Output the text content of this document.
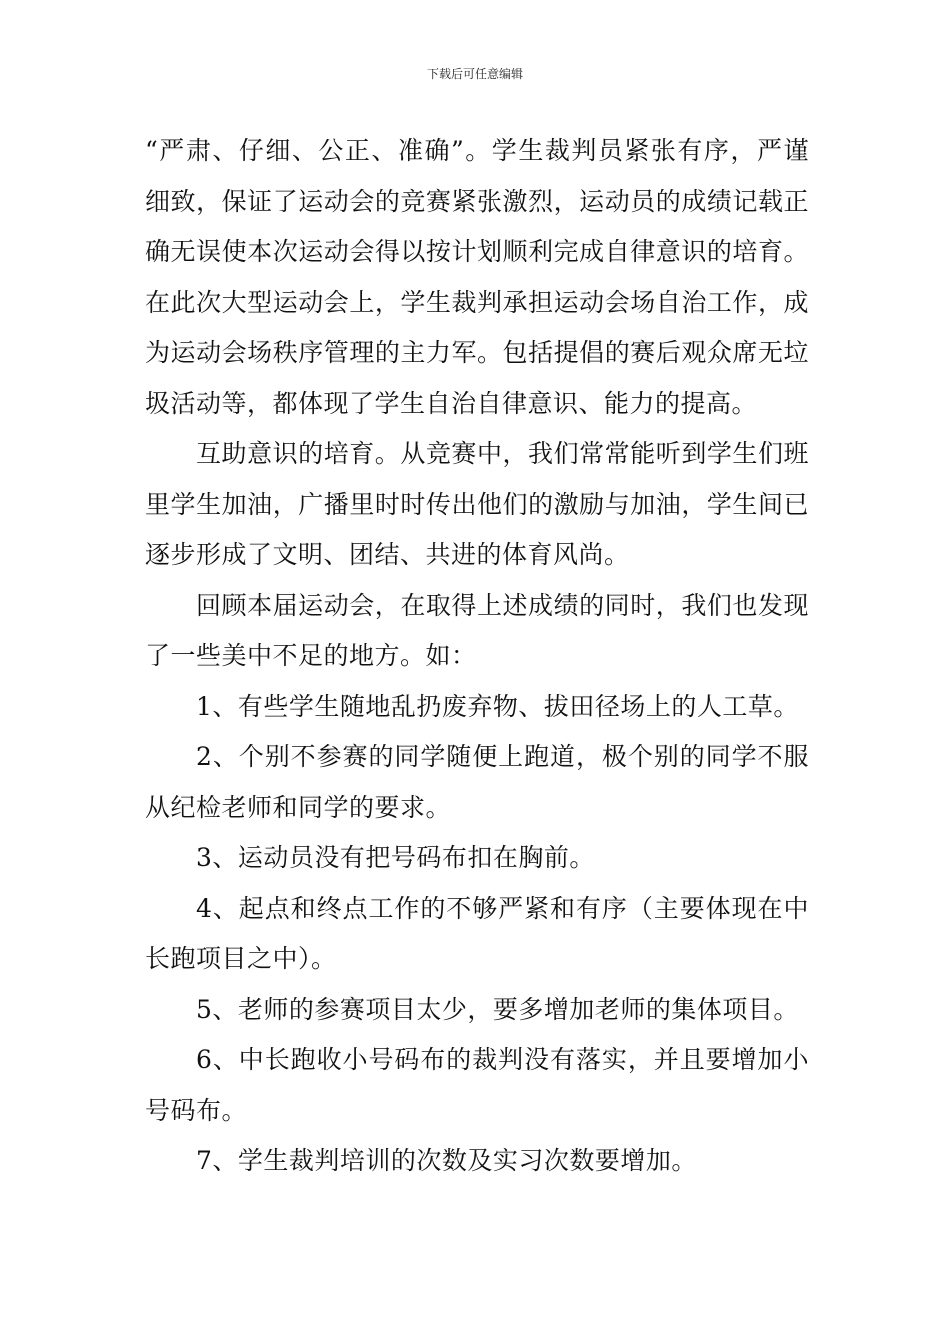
下载后可任意编辑

“严肃、仔细、公正、准确”。学生裁判员紧张有序，严谨细致，保证了运动会的竞赛紧张激烈，运动员的成绩记载正确无误使本次运动会得以按计划顺利完成自律意识的培育。在此次大型运动会上，学生裁判承担运动会场自治工作，成为运动会场秩序管理的主力军。包括提倡的赛后观众席无垃圾活动等，都体现了学生自治自律意识、能力的提高。

互助意识的培育。从竞赛中，我们常常能听到学生们班里学生加油，广播里时时传出他们的激励与加油，学生间已逐步形成了文明、团结、共进的体育风尚。

回顾本届运动会，在取得上述成绩的同时，我们也发现了一些美中不足的地方。如：

1、有些学生随地乱扔废弃物、拔田径场上的人工草。

2、个别不参赛的同学随便上跑道，极个别的同学不服从纪检老师和同学的要求。

3、运动员没有把号码布扣在胸前。

4、起点和终点工作的不够严紧和有序（主要体现在中长跑项目之中）。

5、老师的参赛项目太少，要多增加老师的集体项目。

6、中长跑收小号码布的裁判没有落实，并且要增加小号码布。

7、学生裁判培训的次数及实习次数要增加。
